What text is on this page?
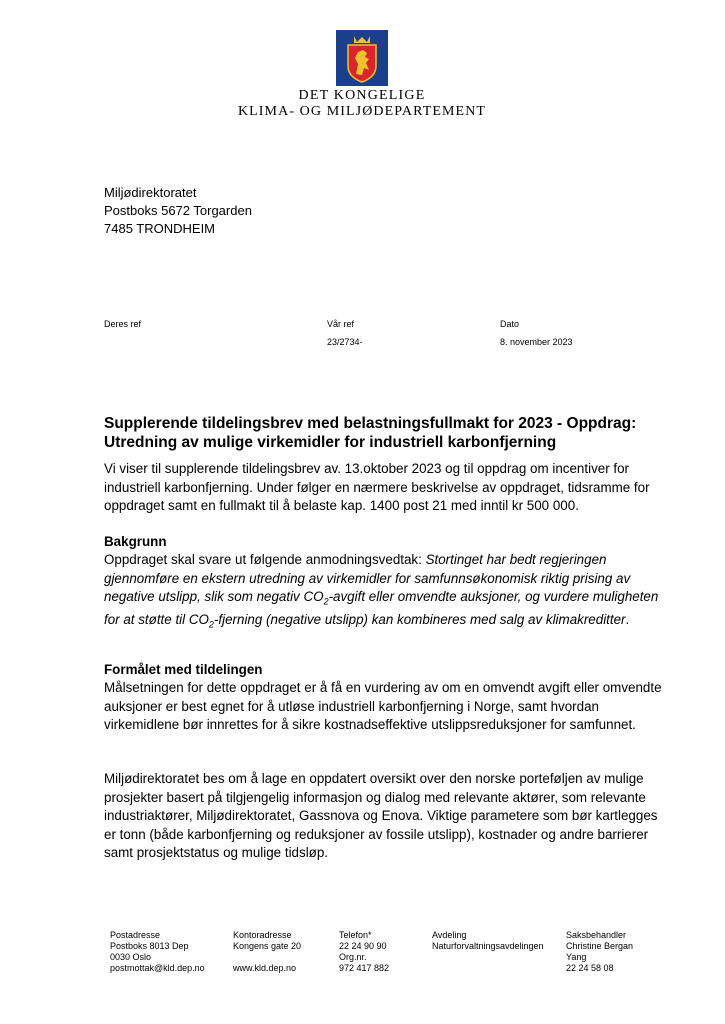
DET KONGELIGE
KLIMA- OG MILJØDEPARTEMENT
Miljødirektoratet
Postboks 5672 Torgarden
7485 TRONDHEIM
Deres ref	Vår ref
23/2734-
Dato
8. november 2023
Supplerende tildelingsbrev med belastningsfullmakt for 2023 - Oppdrag: Utredning av mulige virkemidler for industriell karbonfjerning
Vi viser til supplerende tildelingsbrev av. 13.oktober 2023 og til oppdrag om incentiver for industriell karbonfjerning. Under følger en nærmere beskrivelse av oppdraget, tidsramme for oppdraget samt en fullmakt til å belaste kap. 1400 post 21 med inntil kr 500 000.
Bakgrunn
Oppdraget skal svare ut følgende anmodningsvedtak: Stortinget har bedt regjeringen gjennomføre en ekstern utredning av virkemidler for samfunnsøkonomisk riktig prising av negative utslipp, slik som negativ $CO_2$-avgift eller omvendte auksjoner, og vurdere muligheten for at støtte til $CO_2$-fjerning (negative utslipp) kan kombineres med salg av klimakreditter.
Formålet med tildelingen
Målsetningen for dette oppdraget er å få en vurdering av om en omvendt avgift eller omvendte auksjoner er best egnet for å utløse industriell karbonfjerning i Norge, samt hvordan virkemidlene bør innrettes for å sikre kostnadseffektive utslippsreduksjoner for samfunnet.
Miljødirektoratet bes om å lage en oppdatert oversikt over den norske porteføljen av mulige prosjekter basert på tilgjengelig informasjon og dialog med relevante aktører, som relevante industriaktører, Miljødirektoratet, Gassnova og Enova. Viktige parametere som bør kartlegges er tonn (både karbonfjerning og reduksjoner av fossile utslipp), kostnader og andre barrierer samt prosjektstatus og mulige tidsløp.
Postadresse
Postboks 8013 Dep
0030 Oslo
postmottak@kld.dep.no
Kontoradresse
Kongens gate 20

www.kld.dep.no
Telefon*
22 24 90 90
Org.nr.
972 417 882
Avdeling
Naturforvaltningsavdelingen
Saksbehandler
Christine Bergan
Yang
22 24 58 08
